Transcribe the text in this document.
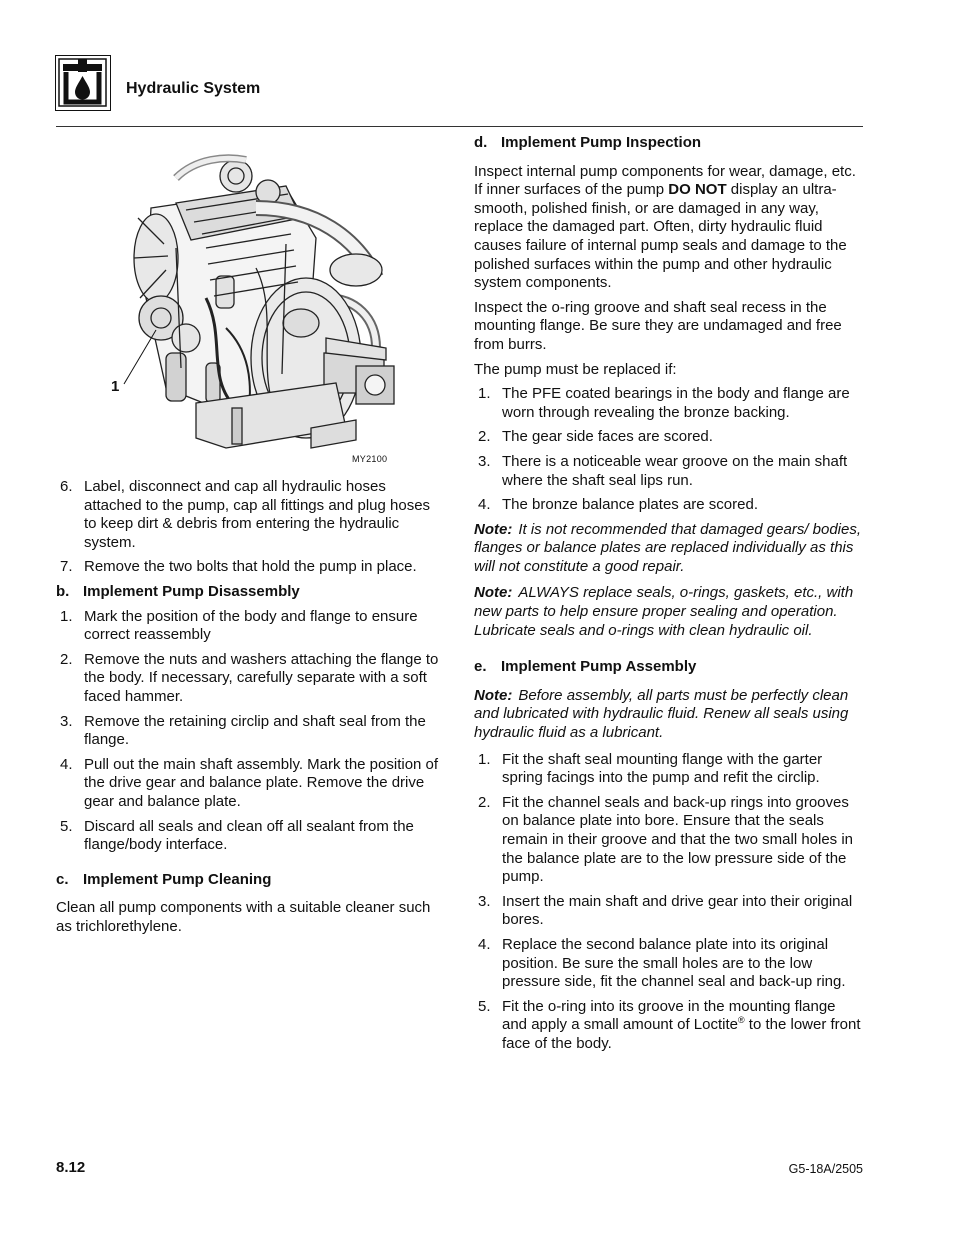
Hydraulic System
1
MY2100
6. Label, disconnect and cap all hydraulic hoses attached to the pump, cap all fittings and plug hoses to keep dirt & debris from entering the hydraulic system.
7. Remove the two bolts that hold the pump in place.
b. Implement Pump Disassembly
1. Mark the position of the body and flange to ensure correct reassembly
2. Remove the nuts and washers attaching the flange to the body. If necessary, carefully separate with a soft faced hammer.
3. Remove the retaining circlip and shaft seal from the flange.
4. Pull out the main shaft assembly. Mark the position of the drive gear and balance plate. Remove the drive gear and balance plate.
5. Discard all seals and clean off all sealant from the flange/body interface.
c. Implement Pump Cleaning

Clean all pump components with a suitable cleaner such as trichlorethylene.

d. Implement Pump Inspection

Inspect internal pump components for wear, damage, etc. If inner surfaces of the pump DO NOT display an ultra-smooth, polished finish, or are damaged in any way, replace the damaged part. Often, dirty hydraulic fluid causes failure of internal pump seals and damage to the polished surfaces within the pump and other hydraulic system components.

Inspect the o-ring groove and shaft seal recess in the mounting flange. Be sure they are undamaged and free from burrs.

The pump must be replaced if:

1. The PFE coated bearings in the body and flange are worn through revealing the bronze backing.
2. The gear side faces are scored.
3. There is a noticeable wear groove on the main shaft where the shaft seal lips run.
4. The bronze balance plates are scored.

Note: It is not recommended that damaged gears/ bodies, flanges or balance plates are replaced individually as this will not constitute a good repair.

Note: ALWAYS replace seals, o-rings, gaskets, etc., with new parts to help ensure proper sealing and operation. Lubricate seals and o-rings with clean hydraulic oil.

e. Implement Pump Assembly

Note: Before assembly, all parts must be perfectly clean and lubricated with hydraulic fluid. Renew all seals using hydraulic fluid as a lubricant.

1. Fit the shaft seal mounting flange with the garter spring facings into the pump and refit the circlip.
2. Fit the channel seals and back-up rings into grooves on balance plate into bore. Ensure that the seals remain in their groove and that the two small holes in the balance plate are to the low pressure side of the pump.
3. Insert the main shaft and drive gear into their original bores.
4. Replace the second balance plate into its original position. Be sure the small holes are to the low pressure side, fit the channel seal and back-up ring.
5. Fit the o-ring into its groove in the mounting flange and apply a small amount of Loctite® to the lower front face of the body.
8.12	G5-18A/2505
